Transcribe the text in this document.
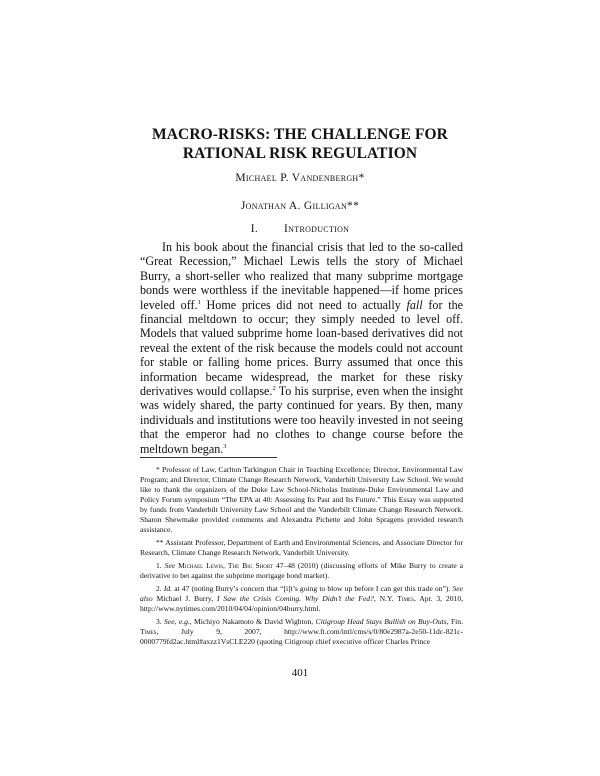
MACRO-RISKS: THE CHALLENGE FOR
RATIONAL RISK REGULATION
Michael P. Vandenbergh*
Jonathan A. Gilligan**
I. Introduction

In his book about the financial crisis that led to the so-called “Great Recession,” Michael Lewis tells the story of Michael Burry, a short-seller who realized that many subprime mortgage bonds were worthless if the inevitable happened—if home prices leveled off.$^1$ Home prices did not need to actually fall for the financial meltdown to occur; they simply needed to level off. Models that valued subprime home loan-based derivatives did not reveal the extent of the risk because the models could not account for stable or falling home prices. Burry assumed that once this information became widespread, the market for these risky derivatives would collapse.$^2$ To his surprise, even when the insight was widely shared, the party continued for years. By then, many individuals and institutions were too heavily invested in not seeing that the emperor had no clothes to change course before the meltdown began.$^3$

* Professor of Law, Carlton Tarkington Chair in Teaching Excellence; Director, Environmental Law Program; and Director, Climate Change Research Network, Vanderbilt University Law School. We would like to thank the organizers of the Duke Law School-Nicholas Institute-Duke Environmental Law and Policy Forum symposium “The EPA at 40: Assessing Its Past and Its Future.” This Essay was supported by funds from Vanderbilt University Law School and the Vanderbilt Climate Change Research Network. Sharon Shewmake provided comments and Alexandra Pichette and John Spragens provided research assistance.

** Assistant Professor, Department of Earth and Environmental Sciences, and Associate Director for Research, Climate Change Research Network, Vanderbilt University.

1. See Michael Lewis, The Big Short 47–48 (2010) (discussing efforts of Mike Burry to create a derivative to bet against the subprime mortgage bond market).

2. Id. at 47 (noting Burry’s concern that “[i]t’s going to blow up before I can get this trade on”). See also Michael J. Burry, I Saw the Crisis Coming. Why Didn’t the Fed?, N.Y. Times, Apr. 3, 2010, http://www.nytimes.com/2010/04/04/opinion/04burry.html.

3. See, e.g., Michiyo Nakamoto & David Wighton, Citigroup Head Stays Bullish on Buy-Outs, Fin. Times, July 9, 2007, http://www.ft.com/intl/cms/s/0/80e2987a-2e50-11dc-821c-0000779fd2ac.html#axzz1VsCLE220 (quoting Citigroup chief executive officer Charles Prince

401
